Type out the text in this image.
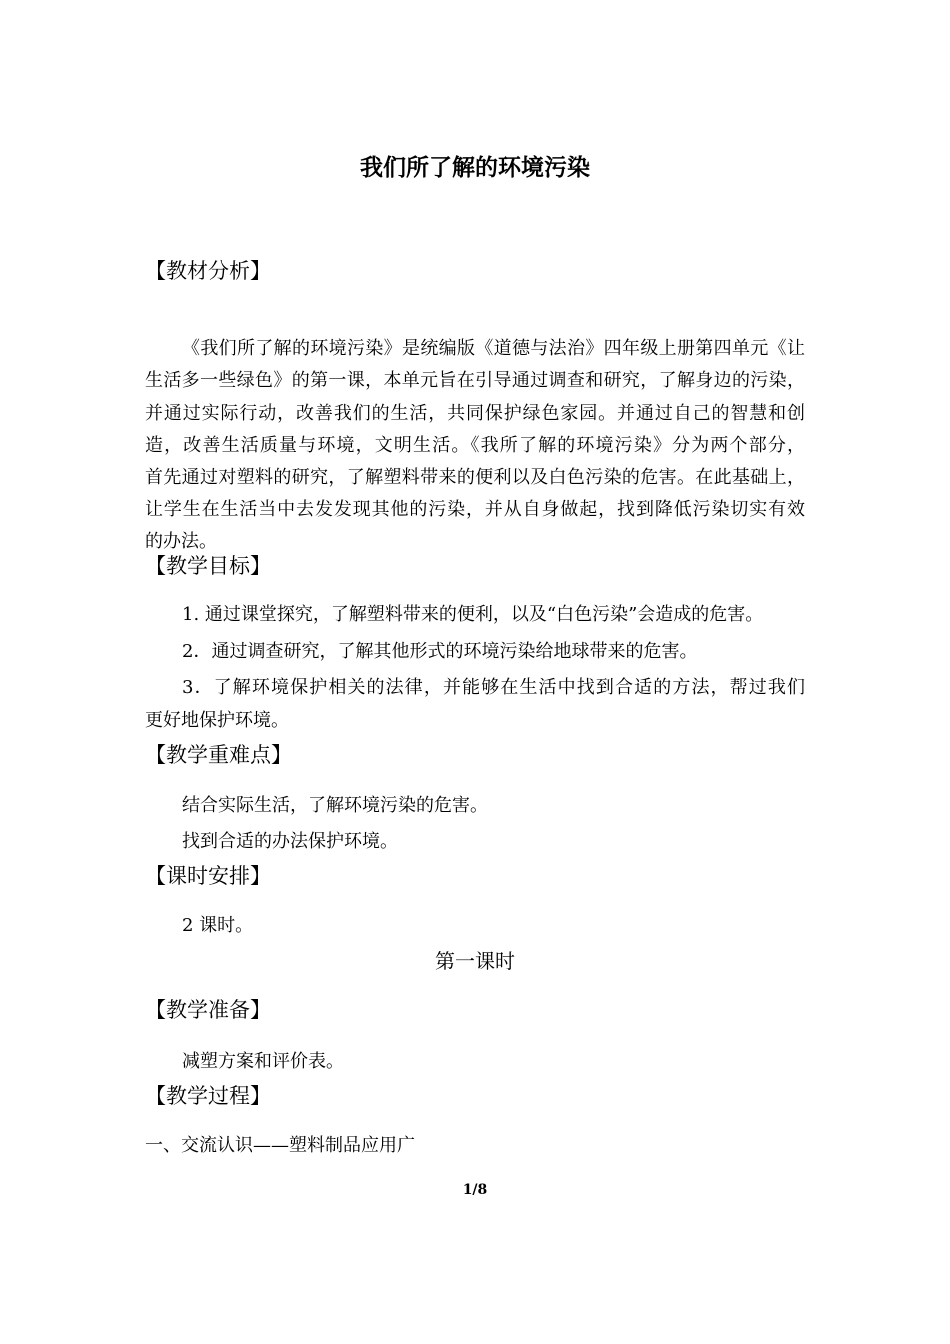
我们所了解的环境污染
【教材分析】
《我们所了解的环境污染》是统编版《道德与法治》四年级上册第四单元《让
生活多一些绿色》的第一课，本单元旨在引导通过调查和研究，了解身边的污染，
并通过实际行动，改善我们的生活，共同保护绿色家园。并通过自己的智慧和创
造，改善生活质量与环境，文明生活。《我所了解的环境污染》分为两个部分，
首先通过对塑料的研究，了解塑料带来的便利以及白色污染的危害。在此基础上，
让学生在生活当中去发发现其他的污染，并从自身做起，找到降低污染切实有效
的办法。
【教学目标】
1. 通过课堂探究，了解塑料带来的便利，以及“白色污染”会造成的危害。
2．通过调查研究，了解其他形式的环境污染给地球带来的危害。
3．了解环境保护相关的法律，并能够在生活中找到合适的方法，帮过我们
更好地保护环境。
【教学重难点】
结合实际生活，了解环境污染的危害。
找到合适的办法保护环境。
【课时安排】
2 课时。
第一课时
【教学准备】
减塑方案和评价表。
【教学过程】
一、交流认识——塑料制品应用广
1/8
